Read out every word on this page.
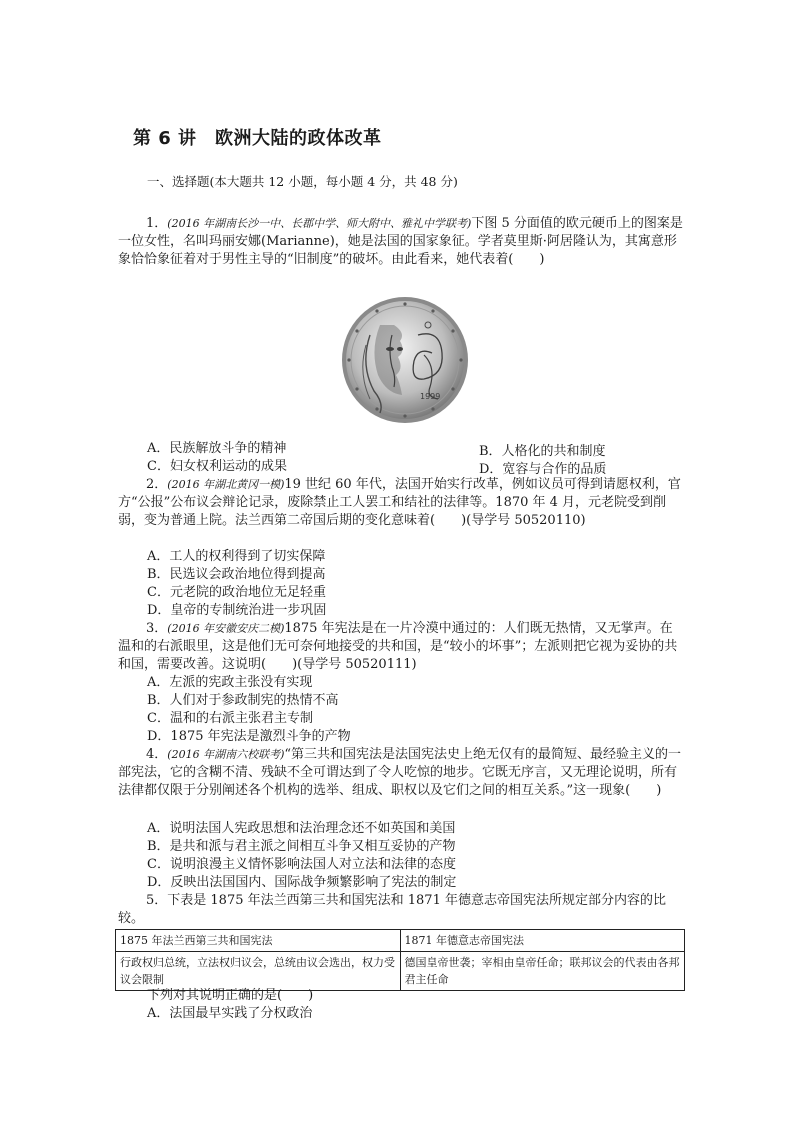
第 6 讲　欧洲大陆的政体改革
一、选择题(本大题共 12 小题，每小题 4 分，共 48 分)
1．(2016 年湖南长沙一中、长郡中学、师大附中、雅礼中学联考)下图 5 分面值的欧元硬币上的图案是一位女性，名叫玛丽安娜(Marianne)，她是法国的国家象征。学者莫里斯·阿居隆认为，其寓意形象恰恰象征着对于男性主导的“旧制度”的破坏。由此看来，她代表着(　　)
1999
A．民族解放斗争的精神	B．人格化的共和制度
C．妇女权利运动的成果	D．宽容与合作的品质
2．(2016 年湖北黄冈一模)19 世纪 60 年代，法国开始实行改革，例如议员可得到请愿权利，官方“公报”公布议会辩论记录，废除禁止工人罢工和结社的法律等。1870 年 4 月，元老院受到削弱，变为普通上院。法兰西第二帝国后期的变化意味着(　　)(导学号 50520110)
A．工人的权利得到了切实保障
B．民选议会政治地位得到提高
C．元老院的政治地位无足轻重
D．皇帝的专制统治进一步巩固
3．(2016 年安徽安庆二模)1875 年宪法是在一片冷漠中通过的：人们既无热情，又无掌声。在温和的右派眼里，这是他们无可奈何地接受的共和国，是“较小的坏事”；左派则把它视为妥协的共和国，需要改善。这说明(　　)(导学号 50520111)
A．左派的宪政主张没有实现
B．人们对于参政制宪的热情不高
C．温和的右派主张君主专制
D．1875 年宪法是激烈斗争的产物
4．(2016 年湖南六校联考)“第三共和国宪法是法国宪法史上绝无仅有的最简短、最经验主义的一部宪法，它的含糊不清、残缺不全可谓达到了令人吃惊的地步。它既无序言，又无理论说明，所有法律都仅限于分别阐述各个机构的选举、组成、职权以及它们之间的相互关系。”这一现象(　　)
A．说明法国人宪政思想和法治理念还不如英国和美国
B．是共和派与君主派之间相互斗争又相互妥协的产物
C．说明浪漫主义情怀影响法国人对立法和法律的态度
D．反映出法国国内、国际战争频繁影响了宪法的制定
5．下表是 1875 年法兰西第三共和国宪法和 1871 年德意志帝国宪法所规定部分内容的比较。
1875 年法兰西第三共和国宪法	1871 年德意志帝国宪法
行政权归总统，立法权归议会，总统由议会选出，权力受议会限制	德国皇帝世袭；宰相由皇帝任命；联邦议会的代表由各邦君主任命
下列对其说明正确的是(　　)
A．法国最早实践了分权政治
